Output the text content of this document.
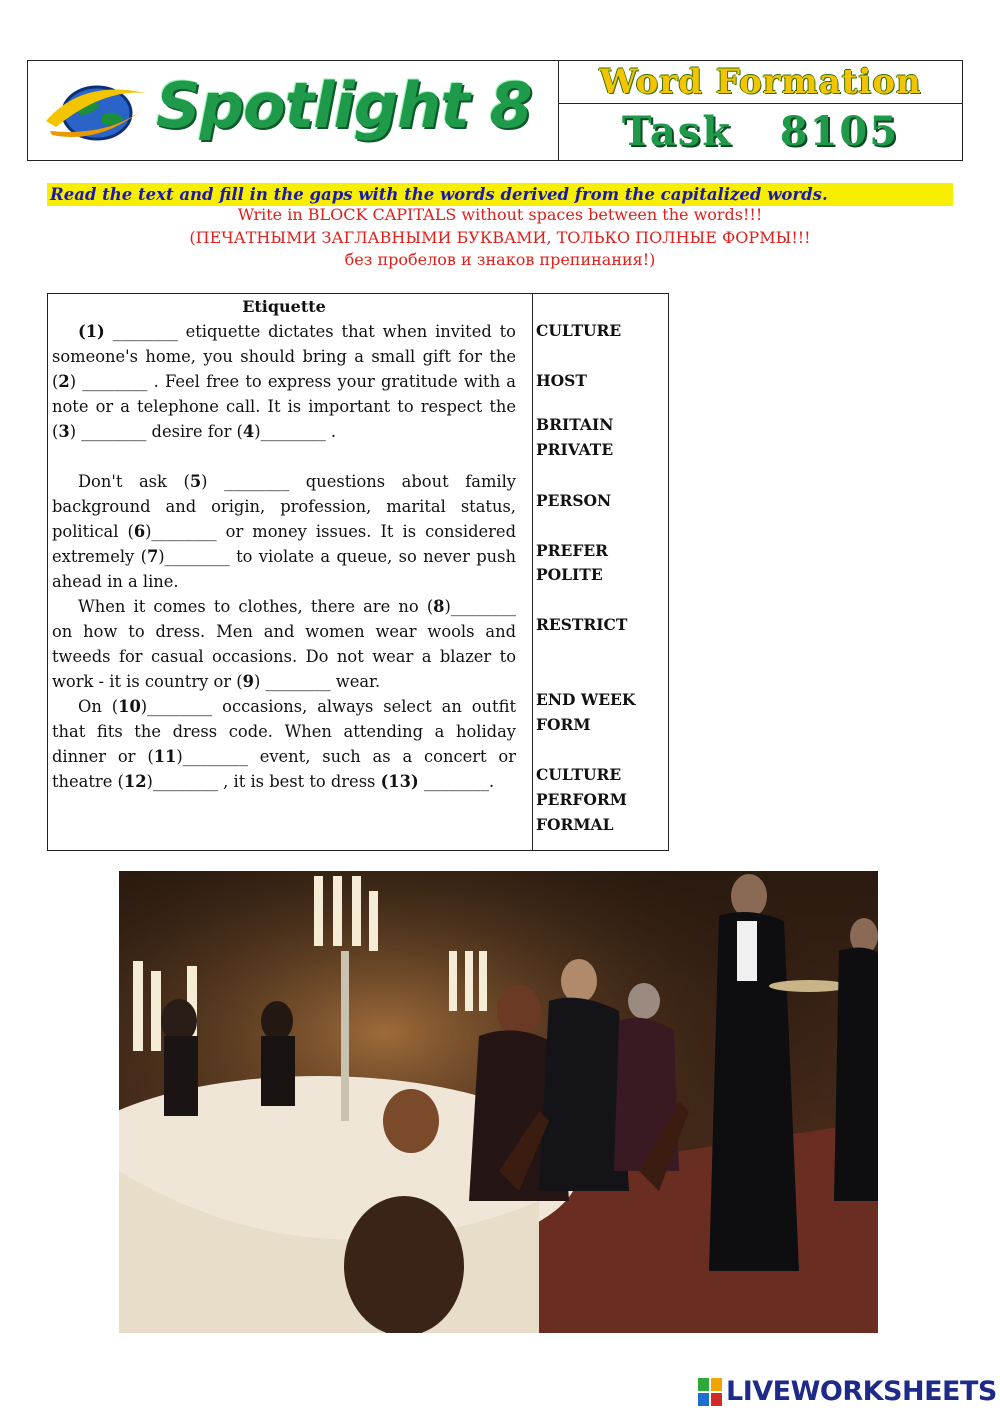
Spotlight 8	Word Formation
Task 8105
Read the text and fill in the gaps with the words derived from the capitalized words.
Write in BLOCK CAPITALS without spaces between the words!!!
(ПЕЧАТНЫМИ ЗАГЛАВНЫМИ БУКВАМИ, ТОЛЬКО ПОЛНЫЕ ФОРМЫ!!!
без пробелов и знаков препинания!)
Etiquette

(1) ________ etiquette dictates that when invited to someone's home, you should bring a small gift for the (2) ________ . Feel free to express your gratitude with a note or a telephone call. It is important to respect the (3) ________ desire for (4)________ .

Don't ask (5) ________ questions about family background and origin, profession, marital status, political (6)________ or money issues. It is considered extremely (7)________ to violate a queue, so never push ahead in a line.

When it comes to clothes, there are no (8)________ on how to dress. Men and women wear wools and tweeds for casual occasions. Do not wear a blazer to work - it is country or (9) ________ wear.

On (10)________ occasions, always select an outfit that fits the dress code. When attending a holiday dinner or (11)________ event, such as a concert or theatre (12)________ , it is best to dress (13) ________.

CULTURE
HOST
BRITAIN
PRIVATE
PERSON
PREFER
POLITE
RESTRICT
END WEEK
FORM
CULTURE
PERFORM
FORMAL
LIVEWORKSHEETS
